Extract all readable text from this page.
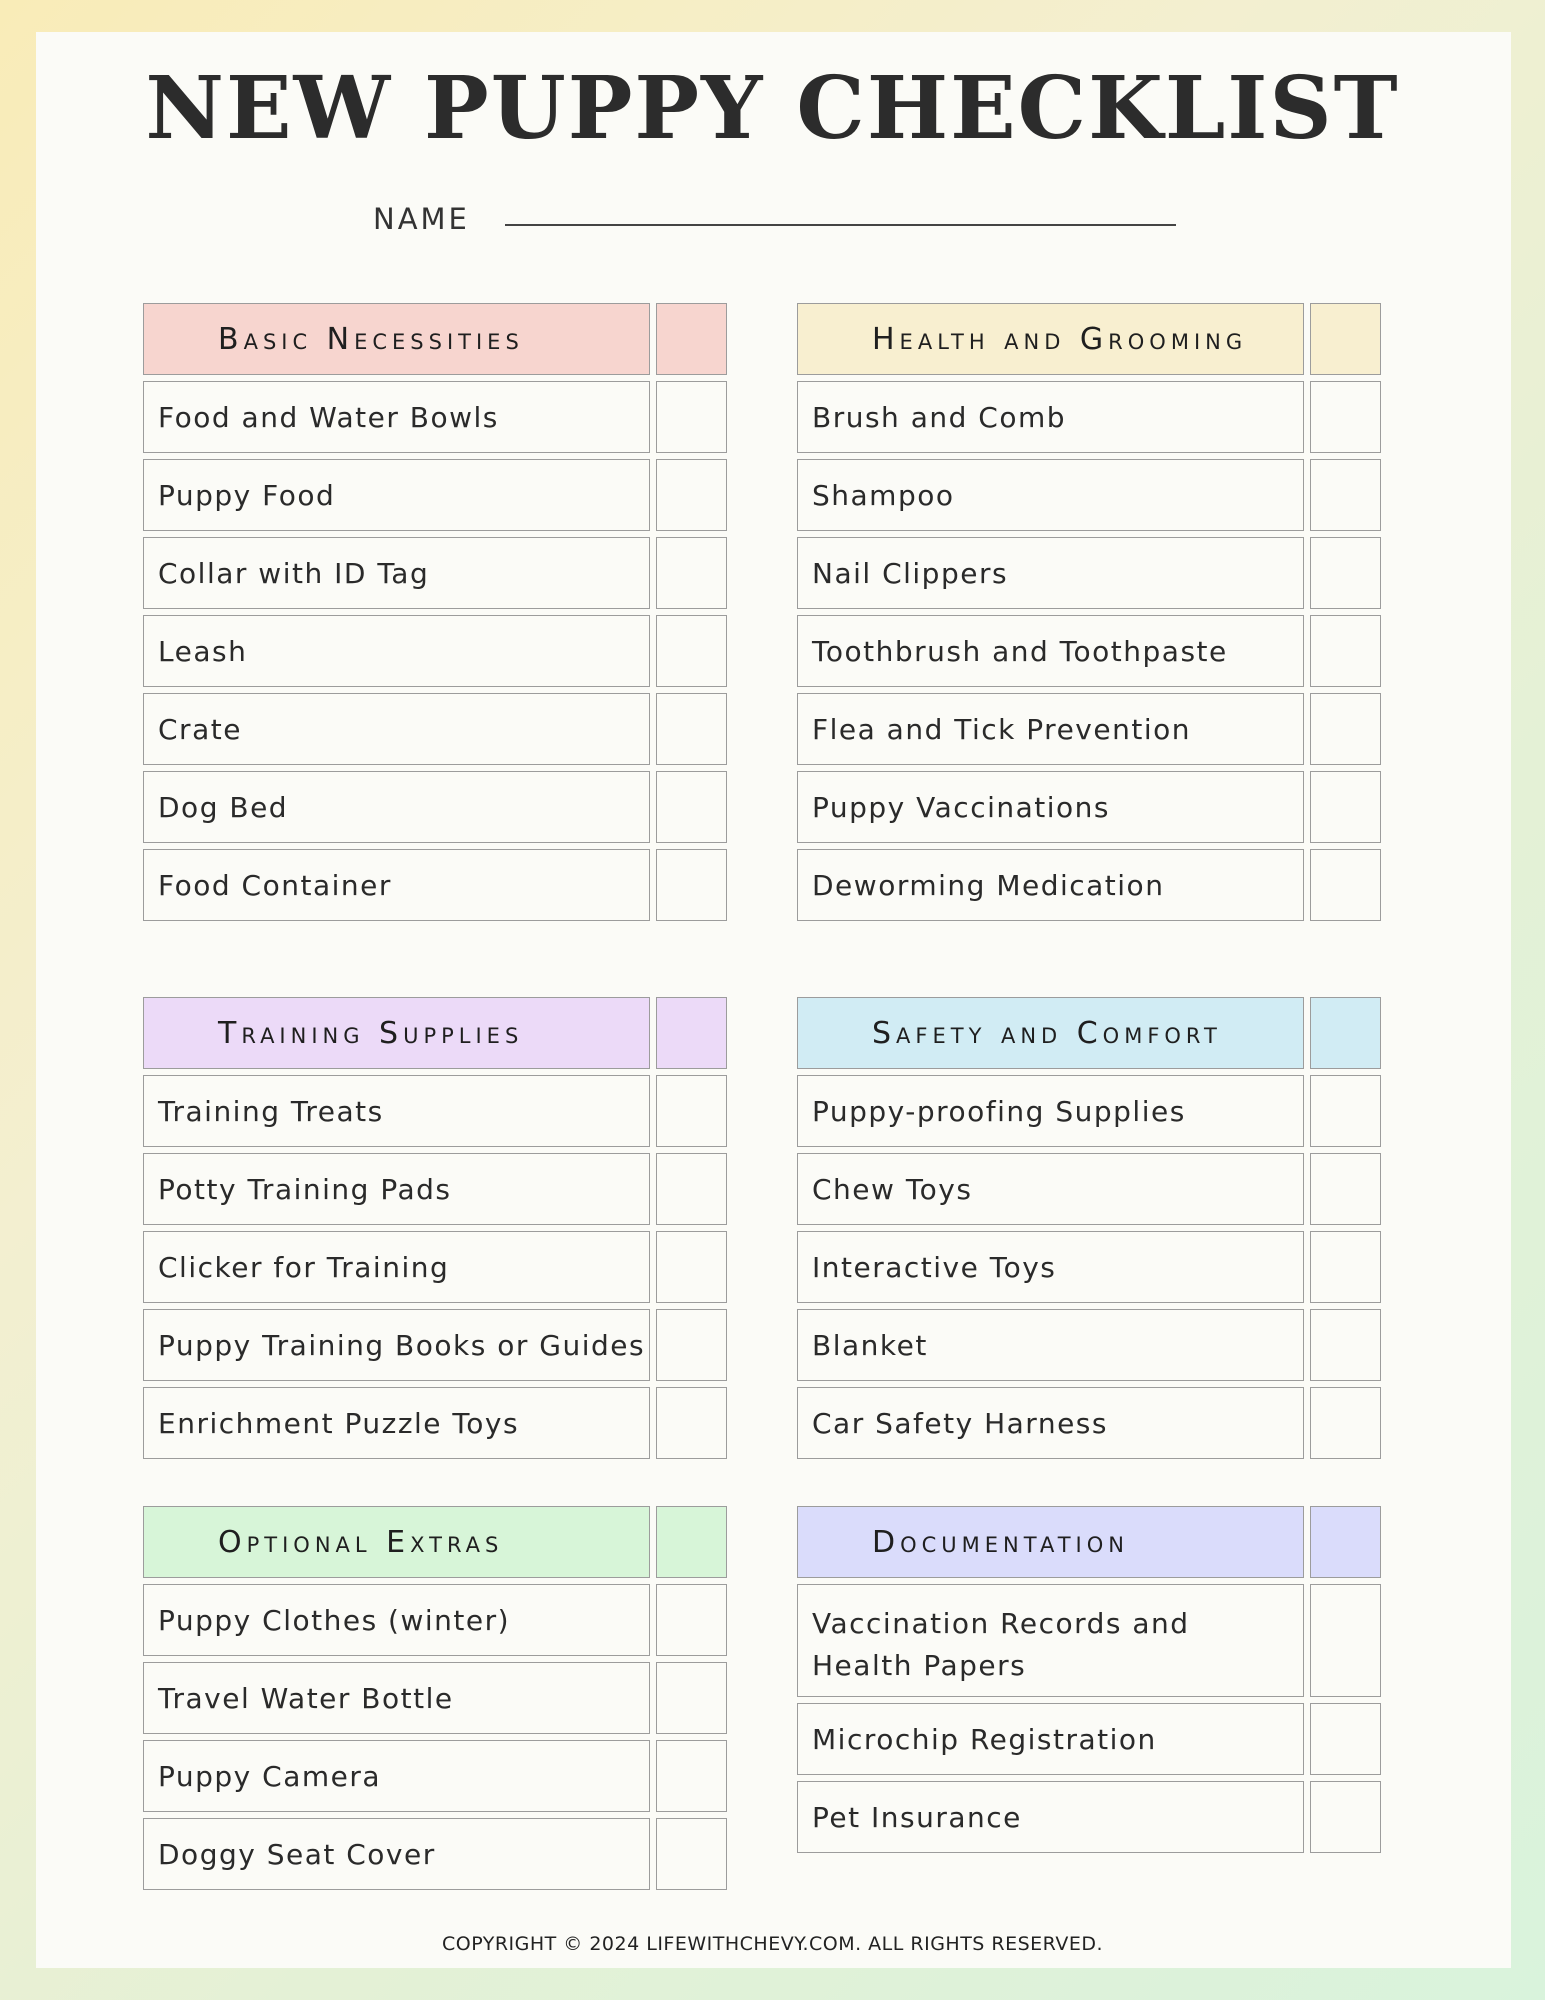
NEW PUPPY CHECKLIST
NAME
Basic Necessities
Food and Water Bowls
Puppy Food
Collar with ID Tag
Leash
Crate
Dog Bed
Food Container
Health and Grooming
Brush and Comb
Shampoo
Nail Clippers
Toothbrush and Toothpaste
Flea and Tick Prevention
Puppy Vaccinations
Deworming Medication
Training Supplies
Training Treats
Potty Training Pads
Clicker for Training
Puppy Training Books or Guides
Enrichment Puzzle Toys
Safety and Comfort
Puppy-proofing Supplies
Chew Toys
Interactive Toys
Blanket
Car Safety Harness
Optional Extras
Puppy Clothes (winter)
Travel Water Bottle
Puppy Camera
Doggy Seat Cover
Documentation
Vaccination Records and Health Papers
Microchip Registration
Pet Insurance
COPYRIGHT © 2024 LIFEWITHCHEVY.COM. ALL RIGHTS RESERVED.
